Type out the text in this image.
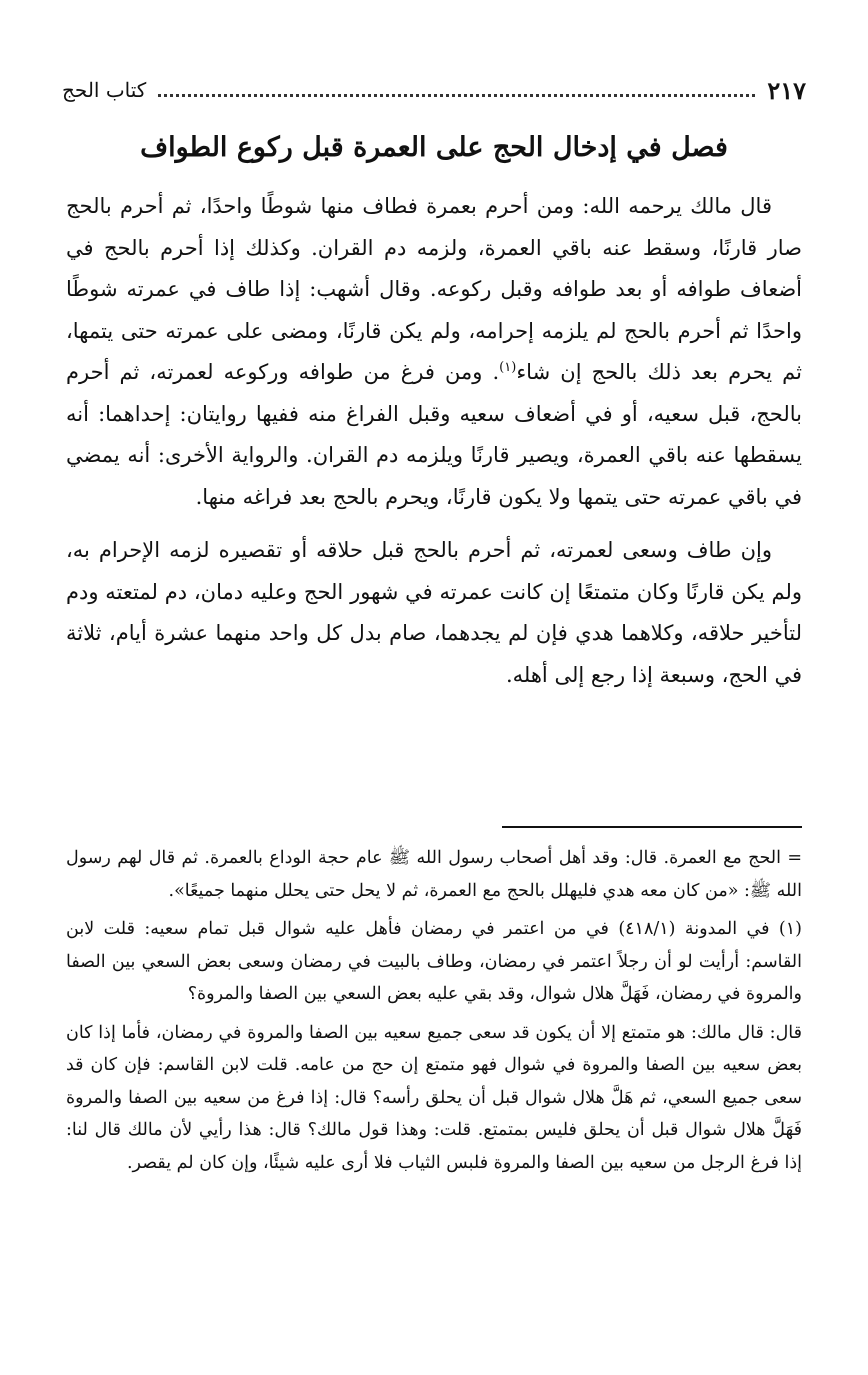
٢١٧
كتاب الحج
فصل في إدخال الحج على العمرة قبل ركوع الطواف

قال مالك يرحمه الله: ومن أحرم بعمرة فطاف منها شوطًا واحدًا، ثم أحرم بالحج صار قارنًا، وسقط عنه باقي العمرة، ولزمه دم القران. وكذلك إذا أحرم بالحج في أضعاف طوافه أو بعد طوافه وقبل ركوعه. وقال أشهب: إذا طاف في عمرته شوطًا واحدًا ثم أحرم بالحج لم يلزمه إحرامه، ولم يكن قارنًا، ومضى على عمرته حتى يتمها، ثم يحرم بعد ذلك بالحج إن شاء$^{(١)}$. ومن فرغ من طوافه وركوعه لعمرته، ثم أحرم بالحج، قبل سعيه، أو في أضعاف سعيه وقبل الفراغ منه ففيها روايتان: إحداهما: أنه يسقطها عنه باقي العمرة، ويصير قارنًا ويلزمه دم القران. والرواية الأخرى: أنه يمضي في باقي عمرته حتى يتمها ولا يكون قارنًا، ويحرم بالحج بعد فراغه منها.

وإن طاف وسعى لعمرته، ثم أحرم بالحج قبل حلاقه أو تقصيره لزمه الإحرام به، ولم يكن قارنًا وكان متمتعًا إن كانت عمرته في شهور الحج وعليه دمان، دم لمتعته ودم لتأخير حلاقه، وكلاهما هدي فإن لم يجدهما، صام بدل كل واحد منهما عشرة أيام، ثلاثة في الحج، وسبعة إذا رجع إلى أهله.

= الحج مع العمرة. قال: وقد أهل أصحاب رسول الله ﷺ عام حجة الوداع بالعمرة. ثم قال لهم رسول الله ﷺ: «من كان معه هدي فليهلل بالحج مع العمرة، ثم لا يحل حتى يحلل منهما جميعًا».

(١) في المدونة (٤١٨/١) في من اعتمر في رمضان فأهل عليه شوال قبل تمام سعيه: قلت لابن القاسم: أرأيت لو أن رجلاً اعتمر في رمضان، وطاف بالبيت في رمضان وسعى بعض السعي بين الصفا والمروة في رمضان، فَهَلَّ هلال شوال، وقد بقي عليه بعض السعي بين الصفا والمروة؟

قال: قال مالك: هو متمتع إلا أن يكون قد سعى جميع سعيه بين الصفا والمروة في رمضان، فأما إذا كان بعض سعيه بين الصفا والمروة في شوال فهو متمتع إن حج من عامه. قلت لابن القاسم: فإن كان قد سعى جميع السعي، ثم هَلَّ هلال شوال قبل أن يحلق رأسه؟ قال: إذا فرغ من سعيه بين الصفا والمروة فَهَلَّ هلال شوال قبل أن يحلق فليس بمتمتع. قلت: وهذا قول مالك؟ قال: هذا رأيي لأن مالك قال لنا: إذا فرغ الرجل من سعيه بين الصفا والمروة فلبس الثياب فلا أرى عليه شيئًا، وإن كان لم يقصر.
